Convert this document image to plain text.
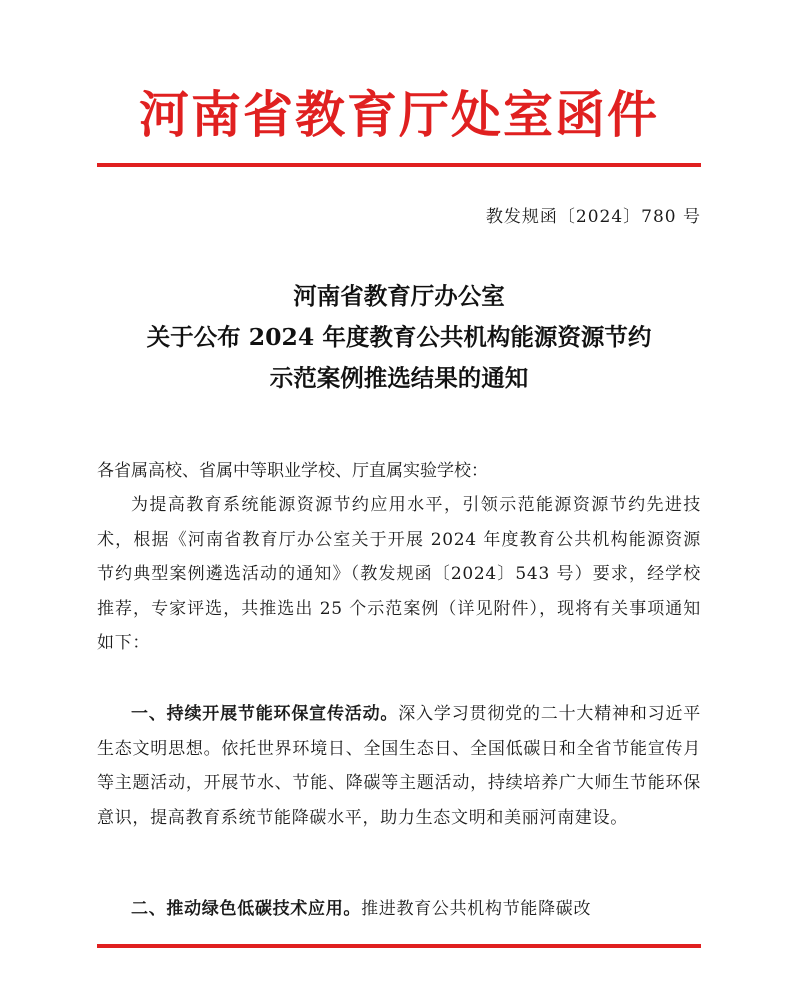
河南省教育厅处室函件
教发规函〔2024〕780 号
河南省教育厅办公室
关于公布 2024 年度教育公共机构能源资源节约
示范案例推选结果的通知
各省属高校、省属中等职业学校、厅直属实验学校：
为提高教育系统能源资源节约应用水平，引领示范能源资源节约先进技术，根据《河南省教育厅办公室关于开展 2024 年度教育公共机构能源资源节约典型案例遴选活动的通知》（教发规函〔2024〕543 号）要求，经学校推荐，专家评选，共推选出 25 个示范案例（详见附件），现将有关事项通知如下：
一、持续开展节能环保宣传活动。深入学习贯彻党的二十大精神和习近平生态文明思想。依托世界环境日、全国生态日、全国低碳日和全省节能宣传月等主题活动，开展节水、节能、降碳等主题活动，持续培养广大师生节能环保意识，提高教育系统节能降碳水平，助力生态文明和美丽河南建设。
二、推动绿色低碳技术应用。推进教育公共机构节能降碳改
